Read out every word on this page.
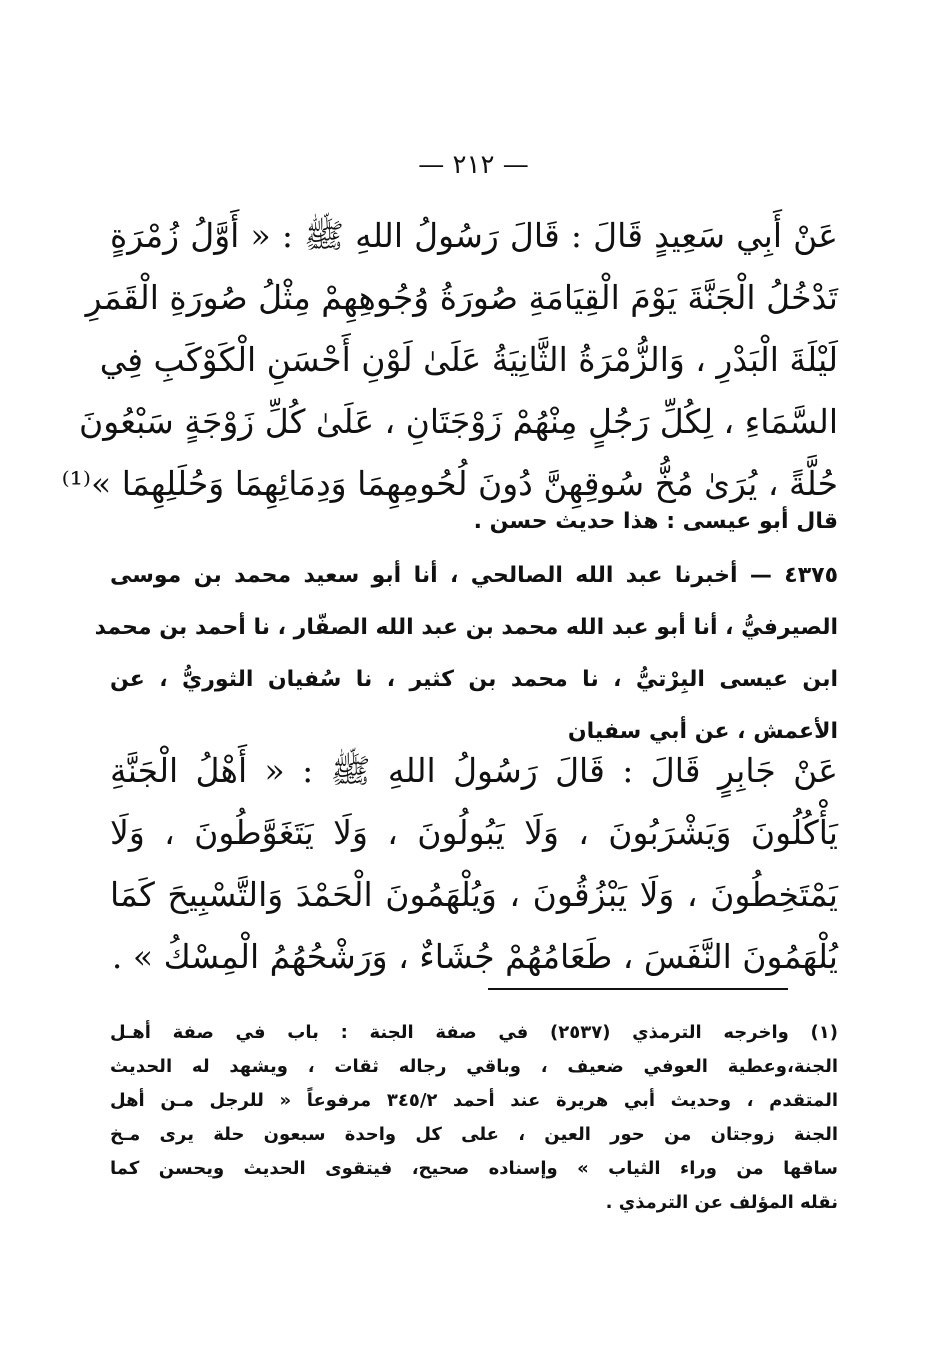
— ٢١٢ —
عَنْ أَبِي سَعِيدٍ قَالَ : قَالَ رَسُولُ اللهِ ﷺ : « أَوَّلُ زُمْرَةٍ
تَدْخُلُ الْجَنَّةَ يَوْمَ الْقِيَامَةِ صُورَةُ وُجُوهِهِمْ مِثْلُ صُورَةِ الْقَمَرِ
لَيْلَةَ الْبَدْرِ ، وَالزُّمْرَةُ الثَّانِيَةُ عَلَىٰ لَوْنِ أَحْسَنِ الْكَوْكَبِ فِي
السَّمَاءِ ، لِكُلِّ رَجُلٍ مِنْهُمْ زَوْجَتَانِ ، عَلَىٰ كُلِّ زَوْجَةٍ سَبْعُونَ
حُلَّةً ، يُرَىٰ مُخُّ سُوقِهِنَّ دُونَ لُحُومِهِمَا وَدِمَائِهِمَا وَحُلَلِهِمَا »⁽¹⁾
قال أبو عيسى : هذا حديث حسن .
٤٣٧٥ — أخبرنا عبد الله الصالحي ، أنا أبو سعيد محمد بن موسى
الصيرفيُّ ، أنا أبو عبد الله محمد بن عبد الله الصفّار ، نا أحمد بن محمد
ابن عيسى البِرْتيُّ ، نا محمد بن كثير ، نا سُفيان الثوريُّ ، عن
الأعمش ، عن أبي سفيان
عَنْ جَابِرٍ قَالَ : قَالَ رَسُولُ اللهِ ﷺ : « أَهْلُ الْجَنَّةِ
يَأْكُلُونَ وَيَشْرَبُونَ ، وَلَا يَبُولُونَ ، وَلَا يَتَغَوَّطُونَ ، وَلَا
يَمْتَخِطُونَ ، وَلَا يَبْزُقُونَ ، وَيُلْهَمُونَ الْحَمْدَ وَالتَّسْبِيحَ كَمَا
يُلْهَمُونَ النَّفَسَ ، طَعَامُهُمْ جُشَاءٌ ، وَرَشْحُهُمُ الْمِسْكُ » .
(١) واخرجه الترمذي (٢٥٣٧) في صفة الجنة : باب في صفة أهـل
الجنة،وعطية العوفي ضعيف ، وباقي رجاله ثقات ، ويشهد له الحديث
المتقدم ، وحديث أبي هريرة عند أحمد ٣٤٥/٢ مرفوعاً « للرجل مـن أهل
الجنة زوجتان من حور العين ، على كل واحدة سبعون حلة يرى مـخ
ساقها من وراء الثياب » وإسناده صحيح، فيتقوى الحديث ويحسن كما
نقله المؤلف عن الترمذي .
